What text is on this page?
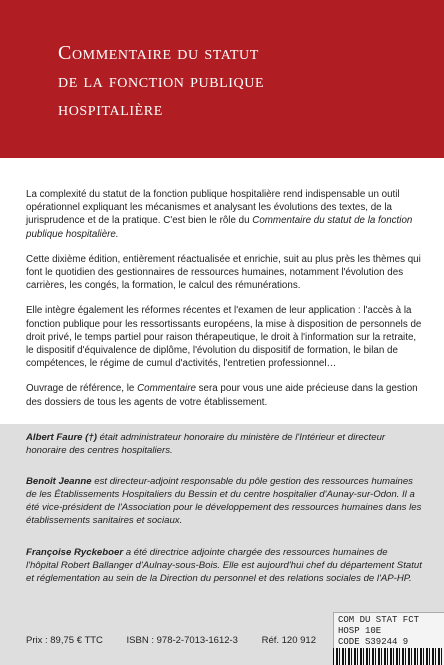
Commentaire du statut
de la fonction publique
hospitalière

La complexité du statut de la fonction publique hospitalière rend indispensable un outil opérationnel expliquant les mécanismes et analysant les évolutions des textes, de la jurisprudence et de la pratique. C'est bien le rôle du Commentaire du statut de la fonction publique hospitalière.

Cette dixième édition, entièrement réactualisée et enrichie, suit au plus près les thèmes qui font le quotidien des gestionnaires de ressources humaines, notamment l'évolution des carrières, les congés, la formation, le calcul des rémunérations.

Elle intègre également les réformes récentes et l'examen de leur application : l'accès à la fonction publique pour les ressortissants européens, la mise à disposition de personnels de droit privé, le temps partiel pour raison thérapeutique, le droit à l'information sur la retraite, le dispositif d'équivalence de diplôme, l'évolution du dispositif de formation, le bilan de compétences, le régime de cumul d'activités, l'entretien professionnel…

Ouvrage de référence, le Commentaire sera pour vous une aide précieuse dans la gestion des dossiers de tous les agents de votre établissement.

Albert Faure (†) était administrateur honoraire du ministère de l'Intérieur et directeur honoraire des centres hospitaliers.

Benoît Jeanne est directeur-adjoint responsable du pôle gestion des ressources humaines de les Établissements Hospitaliers du Bessin et du centre hospitalier d'Aunay-sur-Odon. Il a été vice-président de l'Association pour le développement des ressources humaines dans les établissements sanitaires et sociaux.

Françoise Ryckeboer a été directrice adjointe chargée des ressources humaines de l'hôpital Robert Ballanger d'Aulnay-sous-Bois. Elle est aujourd'hui chef du département Statut et réglementation au sein de la Direction du personnel et des relations sociales de l'AP-HP.

Prix : 89,75 € TTC ISBN : 978-2-7013-1612-3 Réf. 120 912
COM DU STAT FCT
HOSP 10E
CODE S39244 9
